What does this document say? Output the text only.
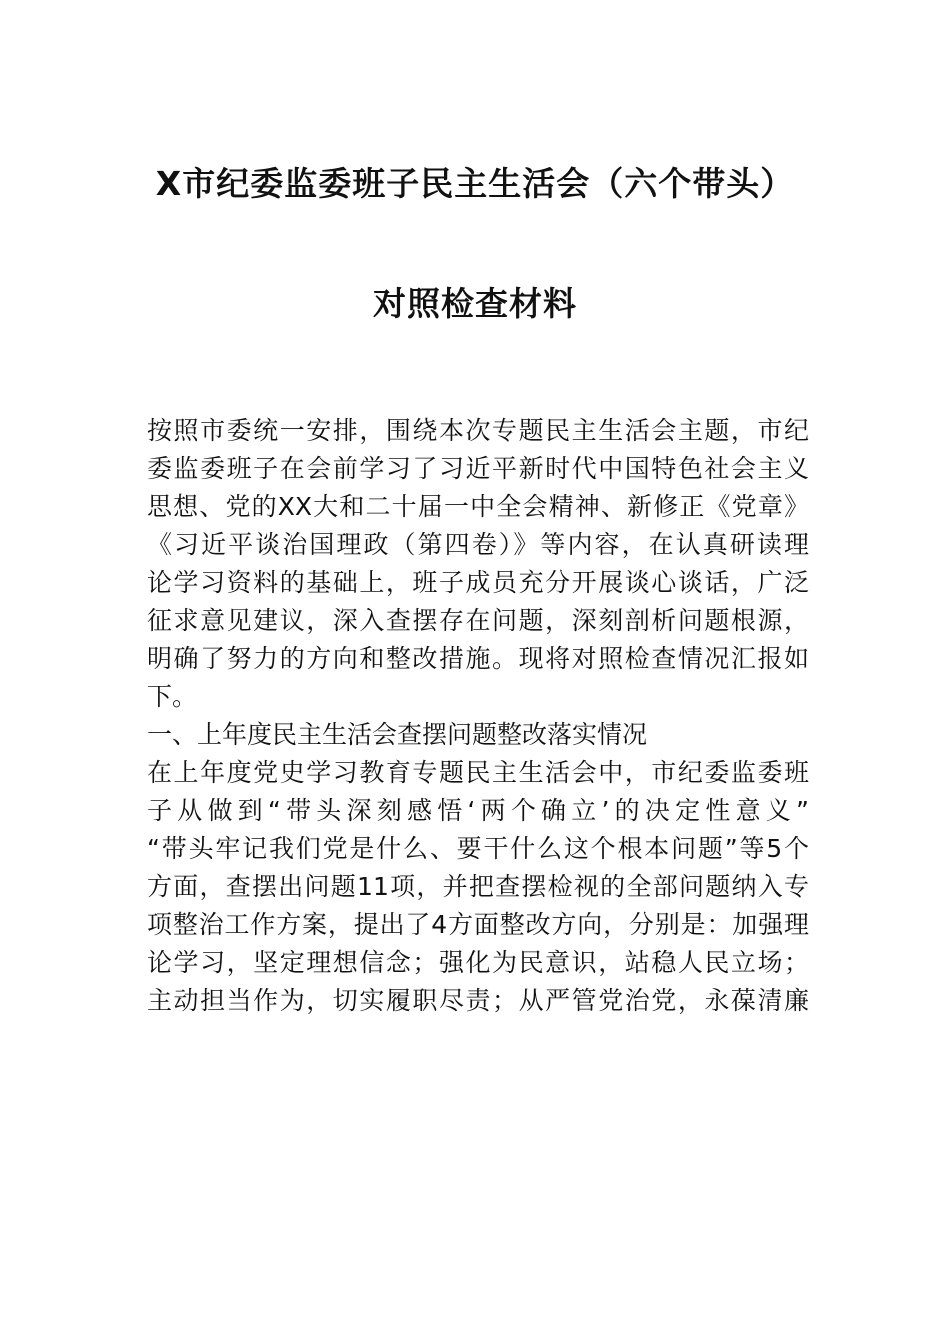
X市纪委监委班子民主生活会（六个带头）
对照检查材料
按照市委统一安排，围绕本次专题民主生活会主题，市纪
委监委班子在会前学习了习近平新时代中国特色社会主义
思想、党的XX大和二十届一中全会精神、新修正《党章》
《习近平谈治国理政（第四卷）》等内容，在认真研读理
论学习资料的基础上，班子成员充分开展谈心谈话，广泛
征求意见建议，深入查摆存在问题，深刻剖析问题根源，
明确了努力的方向和整改措施。现将对照检查情况汇报如
下。
一、上年度民主生活会查摆问题整改落实情况
在上年度党史学习教育专题民主生活会中，市纪委监委班
子从做到“带头深刻感悟‘两个确立’的决定性意义”
“带头牢记我们党是什么、要干什么这个根本问题”等5个
方面，查摆出问题11项，并把查摆检视的全部问题纳入专
项整治工作方案，提出了4方面整改方向，分别是：加强理
论学习，坚定理想信念；强化为民意识，站稳人民立场；
主动担当作为，切实履职尽责；从严管党治党，永葆清廉
